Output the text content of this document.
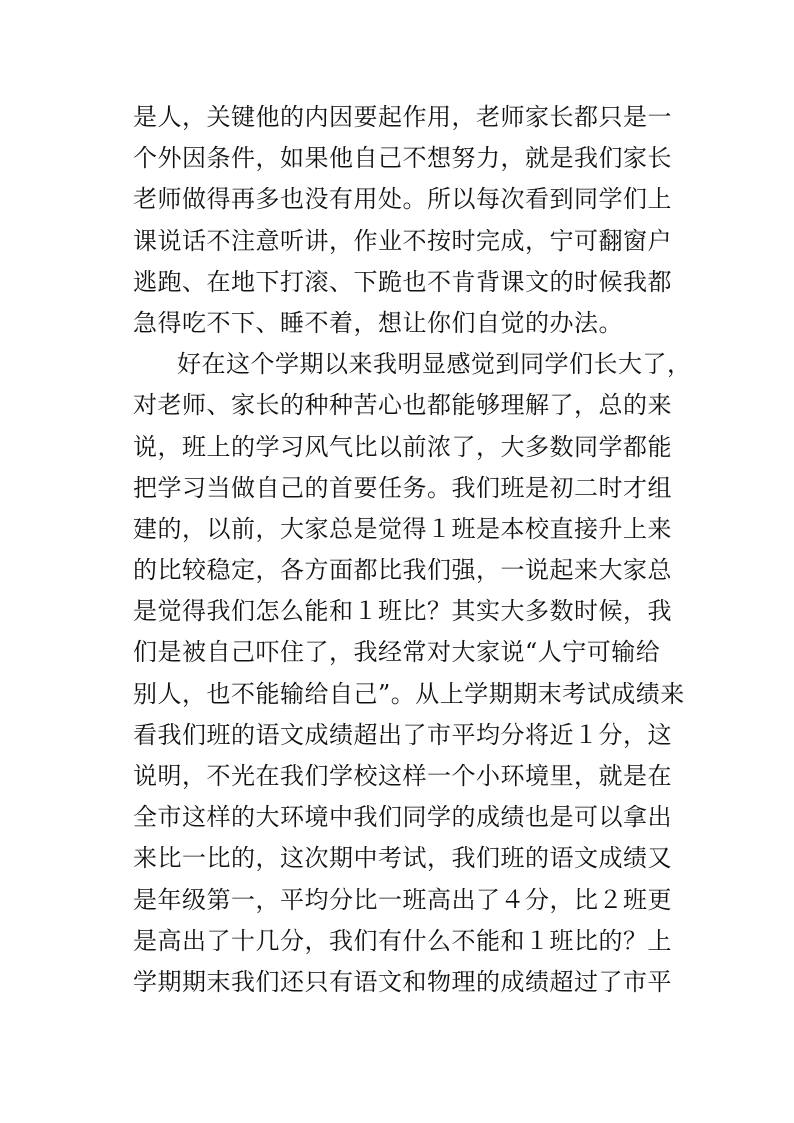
是人，关键他的内因要起作用，老师家长都只是一
个外因条件，如果他自己不想努力，就是我们家长
老师做得再多也没有用处。所以每次看到同学们上
课说话不注意听讲，作业不按时完成，宁可翻窗户
逃跑、在地下打滚、下跪也不肯背课文的时候我都
急得吃不下、睡不着，想让你们自觉的办法。
好在这个学期以来我明显感觉到同学们长大了，
对老师、家长的种种苦心也都能够理解了，总的来
说，班上的学习风气比以前浓了，大多数同学都能
把学习当做自己的首要任务。我们班是初二时才组
建的，以前，大家总是觉得１班是本校直接升上来
的比较稳定，各方面都比我们强，一说起来大家总
是觉得我们怎么能和１班比？其实大多数时候，我
们是被自己吓住了，我经常对大家说“人宁可输给
别人，也不能输给自己”。从上学期期末考试成绩来
看我们班的语文成绩超出了市平均分将近１分，这
说明，不光在我们学校这样一个小环境里，就是在
全市这样的大环境中我们同学的成绩也是可以拿出
来比一比的，这次期中考试，我们班的语文成绩又
是年级第一，平均分比一班高出了４分，比２班更
是高出了十几分，我们有什么不能和１班比的？上
学期期末我们还只有语文和物理的成绩超过了市平
